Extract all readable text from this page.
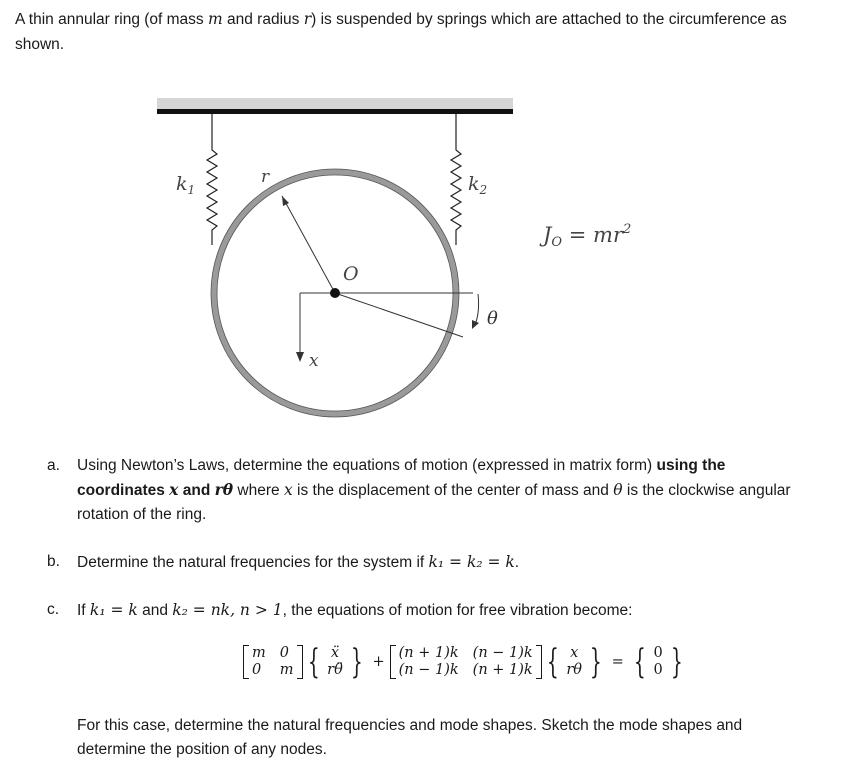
A thin annular ring (of mass m and radius r) is suspended by springs which are attached to the circumference as shown.
$k_1$
r	$k_2$
O
x
θ
JO = $mr^2$
a. Using Newton’s Laws, determine the equations of motion (expressed in matrix form) using the coordinates x and rθ where x is the displacement of the center of mass and θ is the clockwise angular rotation of the ring.
b. Determine the natural frequencies for the system if k₁ = k₂ = k.
c. If k₁ = k and k₂ = nk, n > 1, the equations of motion for free vibration become:
m 0
0	m { ẍ
rθ̈ } +
(n + 1)k (n − 1)k
(n − 1)k (n + 1)k { x
rθ } = { 0
0 }
For this case, determine the natural frequencies and mode shapes. Sketch the mode shapes and determine the position of any nodes.
